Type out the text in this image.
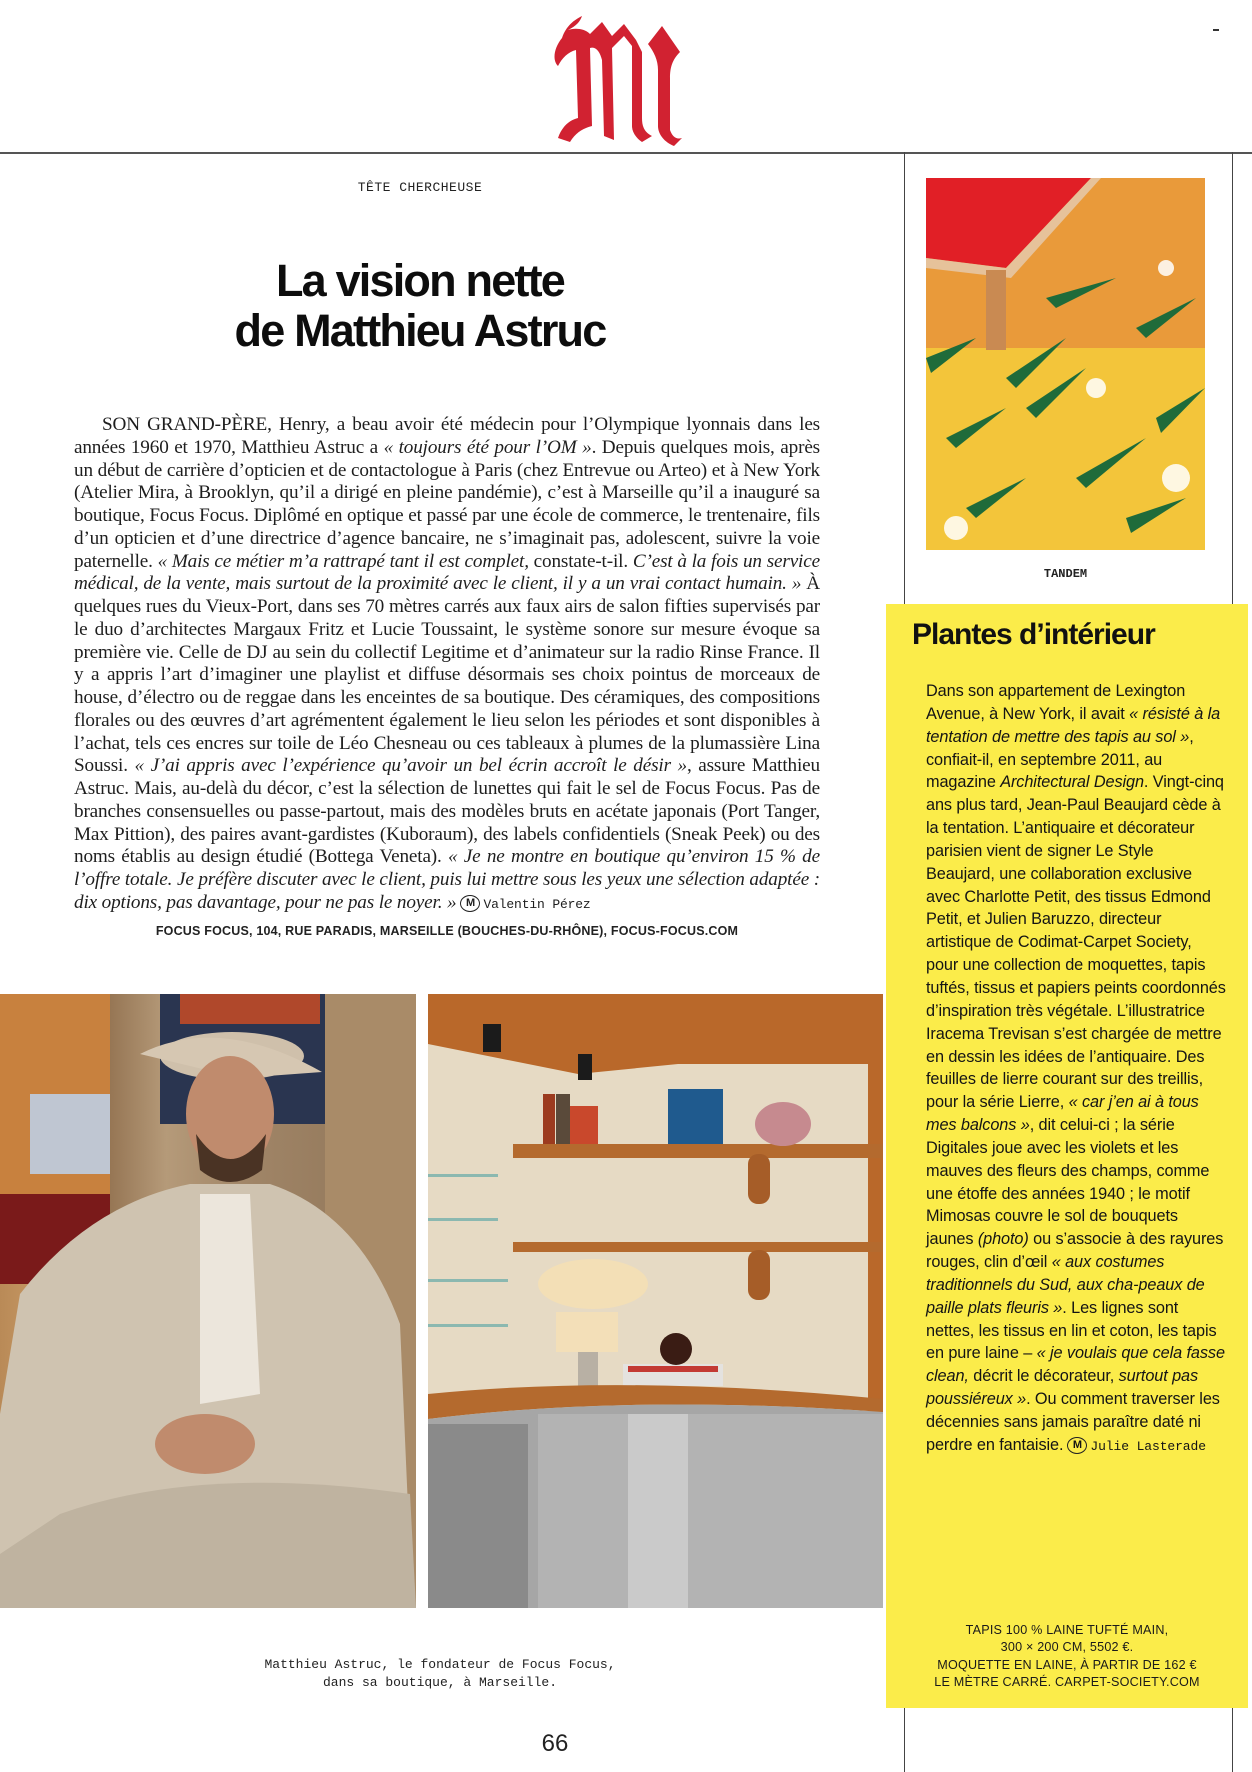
TÊTE CHERCHEUSE
La vision nette
de Matthieu Astruc

SON GRAND-PÈRE, Henry, a beau avoir été médecin pour l’Olympique lyonnais dans les années 1960 et 1970, Matthieu Astruc a « toujours été pour l’OM ». Depuis quelques mois, après un début de carrière d’opticien et de contactologue à Paris (chez Entrevue ou Arteo) et à New York (Atelier Mira, à Brooklyn, qu’il a dirigé en pleine pandémie), c’est à Marseille qu’il a inauguré sa boutique, Focus Focus. Diplômé en optique et passé par une école de commerce, le trentenaire, fils d’un opticien et d’une directrice d’agence bancaire, ne s’imaginait pas, adolescent, suivre la voie paternelle. « Mais ce métier m’a rattrapé tant il est complet, constate-t-il. C’est à la fois un service médical, de la vente, mais surtout de la proximité avec le client, il y a un vrai contact humain. » À quelques rues du Vieux-Port, dans ses 70 mètres carrés aux faux airs de salon fifties supervisés par le duo d’architectes Margaux Fritz et Lucie Toussaint, le système sonore sur mesure évoque sa première vie. Celle de DJ au sein du collectif Legitime et d’animateur sur la radio Rinse France. Il y a appris l’art d’imaginer une playlist et diffuse désormais ses choix pointus de morceaux de house, d’électro ou de reggae dans les enceintes de sa boutique. Des céramiques, des compositions florales ou des œuvres d’art agrémentent également le lieu selon les périodes et sont disponibles à l’achat, tels ces encres sur toile de Léo Chesneau ou ces tableaux à plumes de la plumassière Lina Soussi. « J’ai appris avec l’expérience qu’avoir un bel écrin accroît le désir », assure Matthieu Astruc. Mais, au-delà du décor, c’est la sélection de lunettes qui fait le sel de Focus Focus. Pas de branches consensuelles ou passe-partout, mais des modèles bruts en acétate japonais (Port Tanger, Max Pittion), des paires avant-gardistes (Kuboraum), des labels confidentiels (Sneak Peek) ou des noms établis au design étudié (Bottega Veneta). « Je ne montre en boutique qu’environ 15 % de l’offre totale. Je préfère discuter avec le client, puis lui mettre sous les yeux une sélection adaptée : dix options, pas davantage, pour ne pas le noyer. » M Valentin Pérez

FOCUS FOCUS, 104, RUE PARADIS, MARSEILLE (BOUCHES-DU-RHÔNE), FOCUS-FOCUS.COM
Matthieu Astruc, le fondateur de Focus Focus,
dans sa boutique, à Marseille.
66
TANDEM
Plantes d’intérieur
Dans son appartement de Lexington Avenue, à New York, il avait « résisté à la tentation de mettre des tapis au sol », confiait-il, en septembre 2011, au magazine Architectural Design. Vingt-cinq ans plus tard, Jean-Paul Beaujard cède à la tentation. L’antiquaire et décorateur parisien vient de signer Le Style Beaujard, une collaboration exclusive avec Charlotte Petit, des tissus Edmond Petit, et Julien Baruzzo, directeur artistique de Codimat-Carpet Society, pour une collection de moquettes, tapis tuftés, tissus et papiers peints coordonnés d’inspiration très végétale. L’illustratrice Iracema Trevisan s’est chargée de mettre en dessin les idées de l’antiquaire. Des feuilles de lierre courant sur des treillis, pour la série Lierre, « car j’en ai à tous mes balcons », dit celui-ci ; la série Digitales joue avec les violets et les mauves des fleurs des champs, comme une étoffe des années 1940 ; le motif Mimosas couvre le sol de bouquets jaunes (photo) ou s’associe à des rayures rouges, clin d’œil « aux costumes traditionnels du Sud, aux cha-peaux de paille plats fleuris ». Les lignes sont nettes, les tissus en lin et coton, les tapis en pure laine – « je voulais que cela fasse clean, décrit le décorateur, surtout pas poussiéreux ». Ou comment traverser les décennies sans jamais paraître daté ni perdre en fantaisie. M Julie Lasterade
TAPIS 100 % LAINE TUFTÉ MAIN,
300 × 200 CM, 5502 €.
MOQUETTE EN LAINE, À PARTIR DE 162 €
LE MÈTRE CARRÉ. CARPET-SOCIETY.COM
